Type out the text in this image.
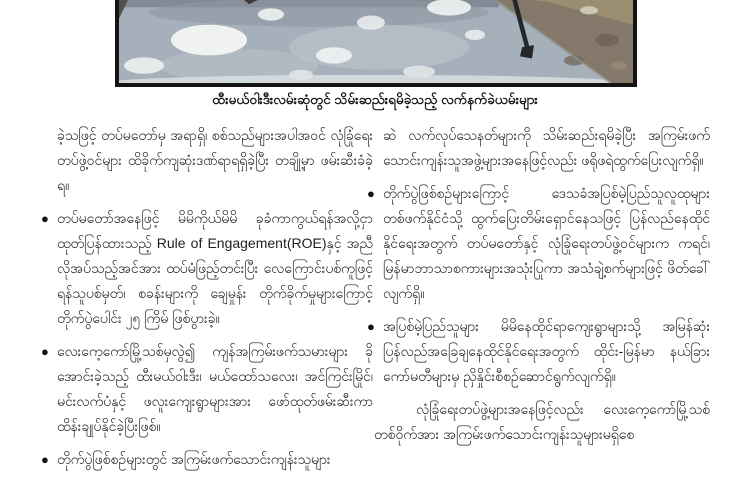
ထီးမယ်ဝါးဒီးလမ်းဆုံတွင် သိမ်းဆည်းရမိခဲ့သည့် လက်နက်ခဲယမ်းများ

ခဲ့သဖြင့် တပ်မတော်မှ အရာရှိ၊ စစ်သည်များအပါအဝင် လုံခြုံရေးတပ်ဖွဲ့ဝင်များ ထိခိုက်ကျဆုံးဒဏ်ရာရရှိခဲ့ပြီး တချို့မှာ ဖမ်းဆီးခံခဲ့ရ။

● တပ်မတော်အနေဖြင့် မိမိကိုယ်မိမိ ခုခံကာကွယ်ရန်အလို့ငှာ ထုတ်ပြန်ထားသည့် Rule of Engagement(ROE)နှင့် အညီ လိုအပ်သည့်အင်အား ထပ်မံဖြည့်တင်းပြီး လေကြောင်းပစ်ကူဖြင့် ရန်သူပစ်မှတ်၊ စခန်းများကို ချေမှုန်း တိုက်ခိုက်မှုများကြောင့် တိုက်ပွဲပေါင်း ၂၅ ကြိမ် ဖြစ်ပွားခဲ့။
● လေးကေ့ကော်မြို့သစ်မှလွဲ၍ ကျန်အကြမ်းဖက်သမားများ ခိုအောင်းခဲ့သည့် ထီးမယ်ဝါးဒီး၊ မယ်ထော်သလေး၊ အင်ကြင်းမြိုင်၊ မင်းလက်ပံနှင့် ဖလူးကျေးရွာများအား ဖော်ထုတ်ဖမ်းဆီးကာ ထိန်းချုပ်နိုင်ခဲ့ပြီးဖြစ်။
● တိုက်ပွဲဖြစ်စဉ်များတွင် အကြမ်းဖက်သောင်းကျန်းသူများ

ဆဲ လက်လုပ်သေနတ်များကို သိမ်းဆည်းရမိခဲ့ပြီး အကြမ်းဖက်သောင်းကျန်းသူအဖွဲ့များအနေဖြင့်လည်း ဖရိုဖရဲထွက်ပြေးလျက်ရှိ။

● တိုက်ပွဲဖြစ်စဉ်များကြောင့် ဒေသခံအပြစ်မဲ့ပြည်သူလူထုများ တစ်ဖက်နိုင်ငံသို့ ထွက်ပြေးတိမ်းရှောင်နေသဖြင့် ပြန်လည်နေထိုင်နိုင်ရေးအတွက် တပ်မတော်နှင့် လုံခြုံရေးတပ်ဖွဲ့ဝင်များက ကရင်၊ မြန်မာဘာသာစကားများအသုံးပြုကာ အသံချဲ့စက်များဖြင့် ဖိတ်ခေါ်လျက်ရှိ။
● အပြစ်မဲ့ပြည်သူများ မိမိနေထိုင်ရာကျေးရွာများသို့ အမြန်ဆုံး ပြန်လည်အခြေချနေထိုင်နိုင်ရေးအတွက် ထိုင်း-မြန်မာ နယ်ခြားကော်မတီများမှ ညှိနှိုင်းစီစဉ်ဆောင်ရွက်လျက်ရှိ။

လုံခြုံရေးတပ်ဖွဲ့များအနေဖြင့်လည်း လေးကေ့ကော်မြို့သစ်တစ်ဝိုက်အား အကြမ်းဖက်သောင်းကျန်းသူများမရှိစေ
